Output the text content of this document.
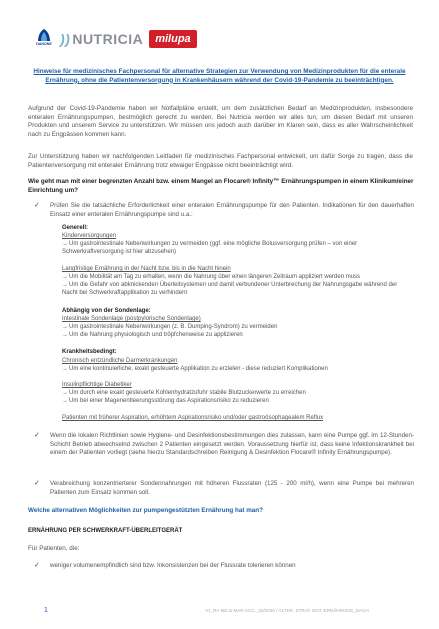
DANONE )) NUTRICIA	milupa
Hinweise für medizinisches Fachpersonal für alternative Strategien zur Verwendung von Medizinprodukten für die enterale Ernährung, ohne die Patientenversorgung in Krankenhäusern während der Covid-19-Pandemie zu beeinträchtigen.
Aufgrund der Covid-19-Pandemie haben wir Notfallpläne erstellt, um dem zusätzlichen Bedarf an Medizinprodukten, insbesondere enteralen Ernährungspumpen, bestmöglich gerecht zu werden. Bei Nutricia werden wir alles tun, um diesen Bedarf mit unseren Produkten und unserem Service zu unterstützen. Wir müssen uns jedoch auch darüber im Klaren sein, dass es aller Wahrscheinlichkeit nach zu Engpässen kommen kann.
Zur Unterstützung haben wir nachfolgenden Leitfaden für medizinisches Fachpersonal entwickelt, um dafür Sorge zu tragen, dass die Patientenversorgung mit enteraler Ernährung trotz etwaiger Engpässe nicht beeinträchtigt wird.
Wie geht man mit einer begrenzten Anzahl bzw. einem Mangel an Flocare® Infinity™ Ernährungspumpen in einem Klinikum/einer Einrichtung um?
✓ Prüfen Sie die tatsächliche Erforderlichkeit einer enteralen Ernährungspumpe für den Patienten. Indikationen für den dauerhaften Einsatz einer enteralen Ernährungspumpe sind u.a.:
Generell:
Kinderversorgungen
→Um gastrointestinale Nebenwirkungen zu vermeiden (ggf. eine mögliche Bolusversorgung prüfen – von einer Schwerkraftversorgung ist hier abzusehen)
Langfristige Ernährung in der Nacht bzw. bis in die Nacht hinein
→Um die Mobilität am Tag zu erhalten, wenn die Nahrung über einen längeren Zeitraum appliziert werden muss
→Um die Gefahr von abknickenden Überleitsystemen und damit verbundener Unterbrechung der Nahrungsgabe während der Nacht bei Schwerkraftapplikation zu verhindern
Abhängig von der Sondenlage:
Intestinale Sondenlage (postpylorische Sondenlage)
→Um gastrointestinale Nebenwirkungen (z. B. Dumping-Syndrom) zu vermeiden
→Um die Nahrung physiologisch und tröpfchenweise zu applizieren
Krankheitsbedingt:
Chronisch entzündliche Darmerkrankungen
→Um eine kontinuierliche, exakt gesteuerte Applikation zu erzielen - diese reduziert Komplikationen
Insulinpflichtige Diabetiker
→Um durch eine exakt gesteuerte Kohlenhydratzufuhr stabile Blutzuckerwerte zu erreichen
→Um bei einer Magenentleerungsstörung das Aspirationsrisiko zu reduzieren
Patienten mit früherer Aspiration, erhöhtem Aspirationsrisiko und/oder gastroösophagealem Reflux
✓ Wenn die lokalen Richtlinien sowie Hygiene- und Desinfektionsbestimmungen dies zulassen, kann eine Pumpe ggf. im 12-Stunden-Schicht Betrieb abwechselnd zwischen 2 Patienten eingesetzt werden. Voraussetzung hierfür ist, dass keine Infektionskrankheit bei einem der Patienten vorliegt (siehe hierzu Standardschreiben Reinigung & Desinfektion Flocare® Infinity Ernährungspumpe).
✓ Verabreichung konzentrierterer Sondennahrungen mit höheren Flussraten (125 - 200 ml/h), wenn eine Pumpe bei mehreren Patienten zum Einsatz kommen soll.
Welche alternativen Möglichkeiten zur pumpengestützten Ernährung hat man?
ERNÄHRUNG PER SCHWERKRAFT-ÜBERLEITGERÄT
Für Patienten, die:
✓ weniger volumenempfindlich sind bzw. Inkonsistenzen bei der Flussrate tolerieren können
1	V1_RA MD & MAR.ACC._03/2020 / ALTER. STRAT. ENT. ERNÄHRUNG_DACH
